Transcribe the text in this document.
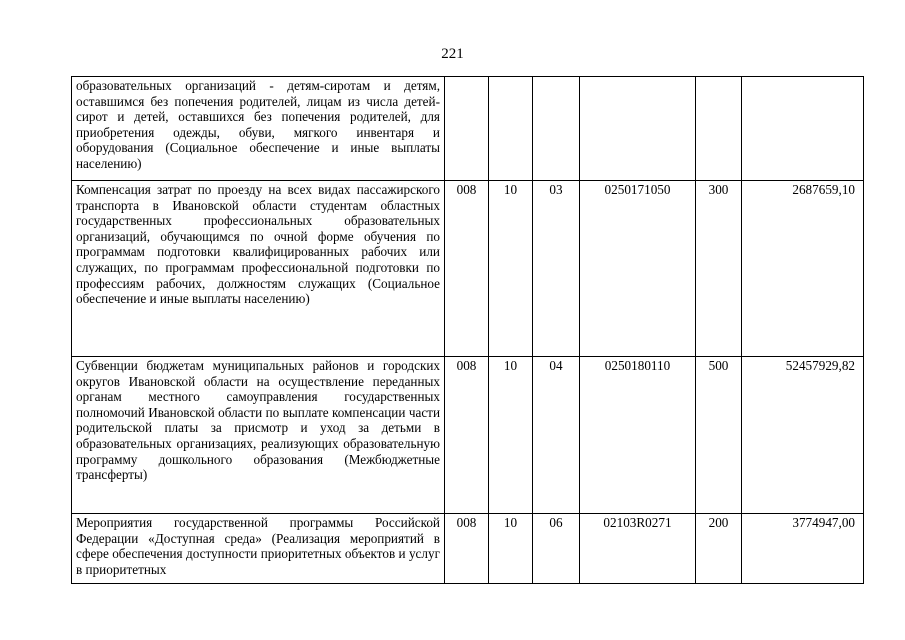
221
образовательных организаций - детям-сиротам и детям, оставшимся без попечения родителей, лицам из числа детей-сирот и детей, оставшихся без попечения родителей, для приобретения одежды, обуви, мягкого инвентаря и оборудования (Социальное обеспечение и иные выплаты населению)						
Компенсация затрат по проезду на всех видах пассажирского транспорта в Ивановской области студентам областных государственных профессиональных образовательных организаций, обучающимся по очной форме обучения по программам подготовки квалифицированных рабочих или служащих, по программам профессиональной подготовки по профессиям рабочих, должностям служащих (Социальное обеспечение и иные выплаты населению)	008	10	03	0250171050	300	2687659,10
Субвенции бюджетам муниципальных районов и городских округов Ивановской области на осуществление переданных органам местного самоуправления государственных полномочий Ивановской области по выплате компенсации части родительской платы за присмотр и уход за детьми в образовательных организациях, реализующих образовательную программу дошкольного образования (Межбюджетные трансферты)	008	10	04	0250180110	500	52457929,82
Мероприятия государственной программы Российской Федерации «Доступная среда» (Реализация мероприятий в сфере обеспечения доступности приоритетных объектов и услуг в приоритетных	008	10	06	02103R0271	200	3774947,00
